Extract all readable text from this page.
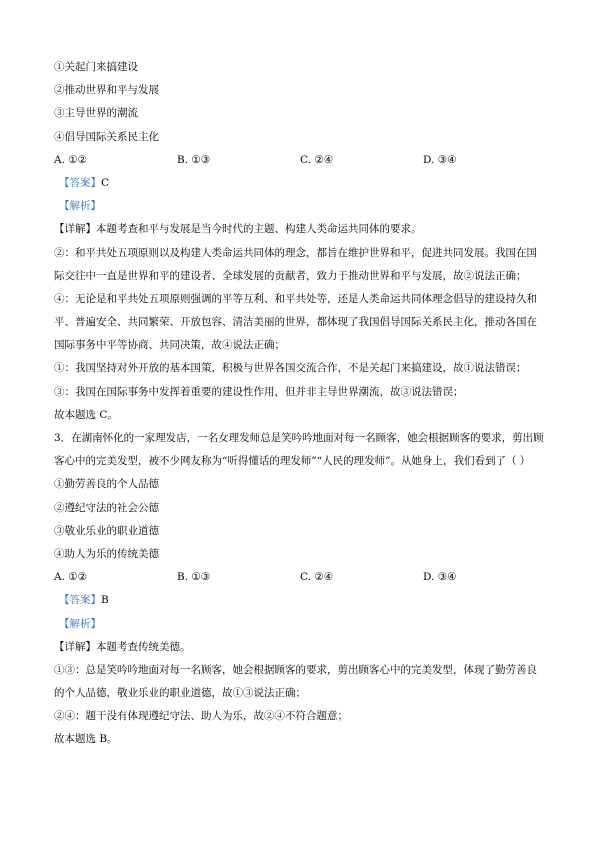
①关起门来搞建设
②推动世界和平与发展
③主导世界的潮流
④倡导国际关系民主化
A. ①②	B. ①③	C. ②④	D. ③④
【答案】C
【解析】
【详解】本题考查和平与发展是当今时代的主题、构建人类命运共同体的要求。
②：和平共处五项原则以及构建人类命运共同体的理念，都旨在维护世界和平，促进共同发展。我国在国
际交往中一直是世界和平的建设者、全球发展的贡献者，致力于推动世界和平与发展，故②说法正确；
④：无论是和平共处五项原则强调的平等互利、和平共处等，还是人类命运共同体理念倡导的建设持久和
平、普遍安全、共同繁荣、开放包容、清洁美丽的世界，都体现了我国倡导国际关系民主化，推动各国在
国际事务中平等协商、共同决策，故④说法正确；
①：我国坚持对外开放的基本国策，积极与世界各国交流合作，不是关起门来搞建设，故①说法错误；
③：我国在国际事务中发挥着重要的建设性作用，但并非主导世界潮流，故③说法错误；
故本题选 C。
3．在湖南怀化的一家理发店，一名女理发师总是笑吟吟地面对每一名顾客，她会根据顾客的要求，剪出顾
客心中的完美发型，被不少网友称为“听得懂话的理发师”“人民的理发师”。从她身上，我们看到了（ ）
①勤劳善良的个人品德
②遵纪守法的社会公德
③敬业乐业的职业道德
④助人为乐的传统美德
A. ①②	B. ①③	C. ②④	D. ③④
【答案】B
【解析】
【详解】本题考查传统美德。
①③：总是笑吟吟地面对每一名顾客，她会根据顾客的要求，剪出顾客心中的完美发型，体现了勤劳善良
的个人品德，敬业乐业的职业道德，故①③说法正确；
②④：题干没有体现遵纪守法、助人为乐，故②④不符合题意；
故本题选 B。
